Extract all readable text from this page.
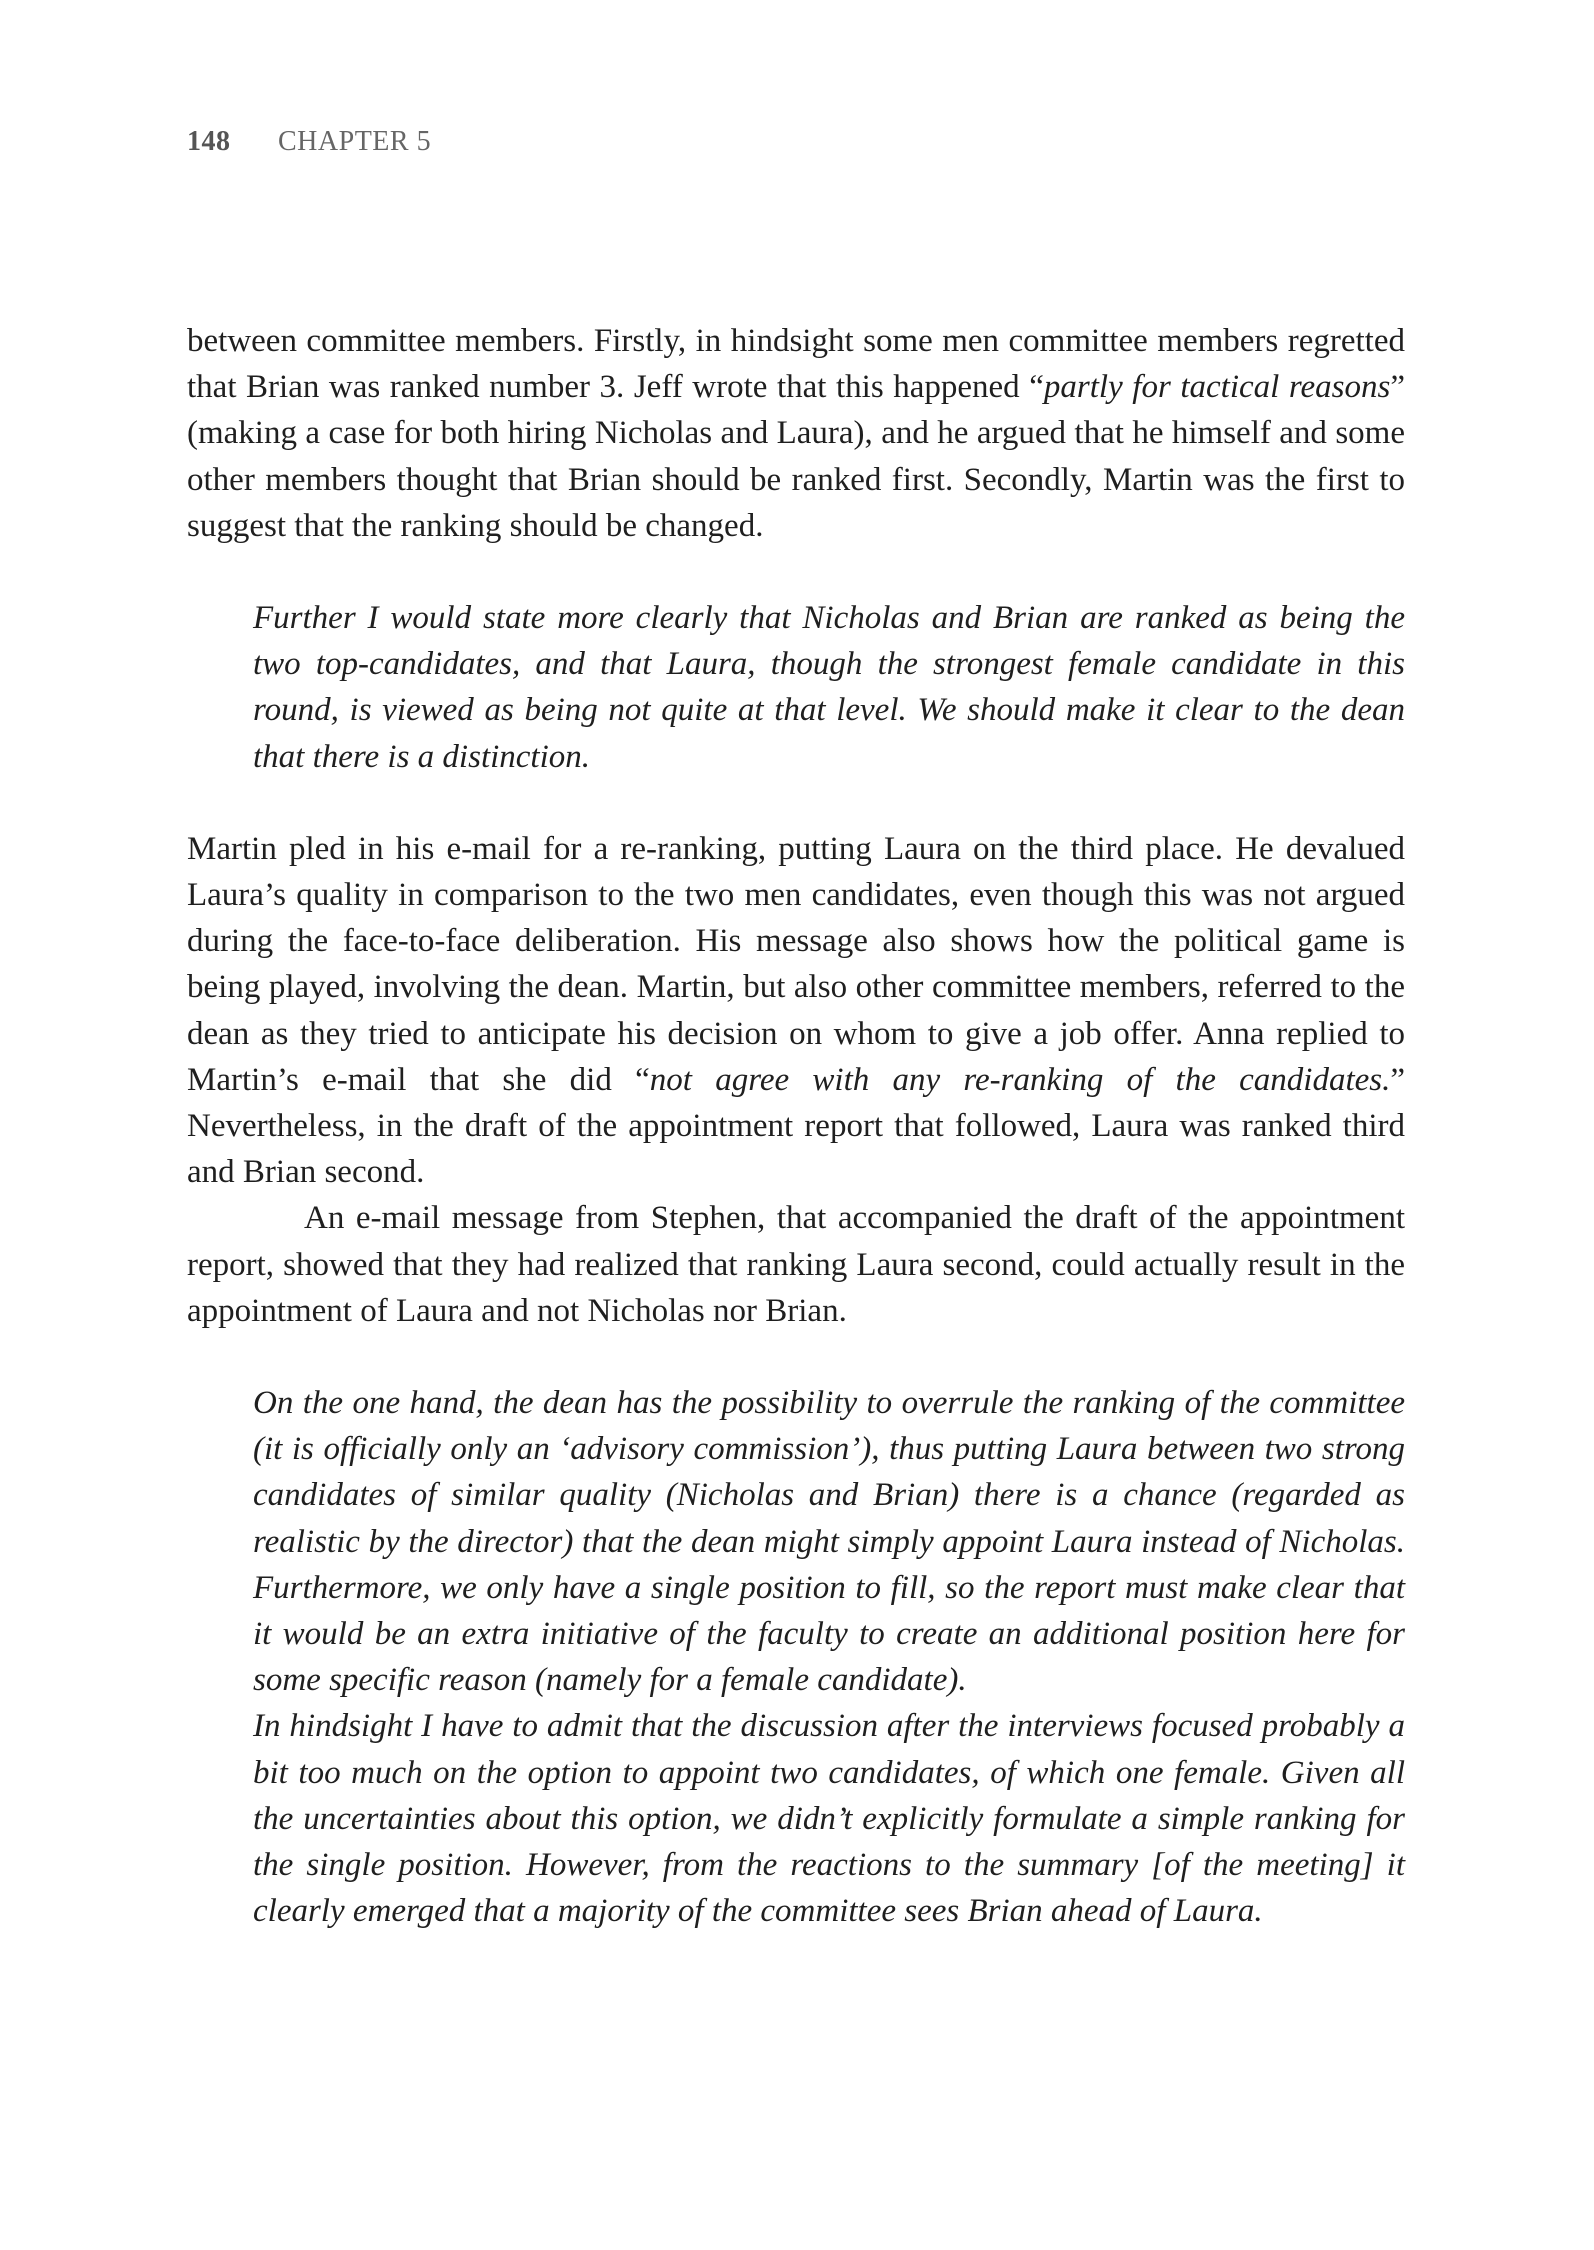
148 CHAPTER 5

between committee members. Firstly, in hindsight some men committee members regretted that Brian was ranked number 3. Jeff wrote that this happened “partly for tactical reasons” (making a case for both hiring Nicholas and Laura), and he argued that he himself and some other members thought that Brian should be ranked first. Secondly, Martin was the first to suggest that the ranking should be changed.

Further I would state more clearly that Nicholas and Brian are ranked as being the two top-candidates, and that Laura, though the strongest female candidate in this round, is viewed as being not quite at that level. We should make it clear to the dean that there is a distinction.

Martin pled in his e-mail for a re-ranking, putting Laura on the third place. He devalued Laura’s quality in comparison to the two men candidates, even though this was not argued during the face-to-face deliberation. His message also shows how the political game is being played, involving the dean. Martin, but also other committee members, referred to the dean as they tried to anticipate his decision on whom to give a job offer. Anna replied to Martin’s e-mail that she did “not agree with any re-ranking of the candidates.” Nevertheless, in the draft of the appointment report that followed, Laura was ranked third and Brian second.

An e-mail message from Stephen, that accompanied the draft of the appointment report, showed that they had realized that ranking Laura second, could actually result in the appointment of Laura and not Nicholas nor Brian.

On the one hand, the dean has the possibility to overrule the ranking of the committee (it is officially only an ‘advisory commission’), thus putting Laura between two strong candidates of similar quality (Nicholas and Brian) there is a chance (regarded as realistic by the director) that the dean might simply appoint Laura instead of Nicholas. Furthermore, we only have a single position to fill, so the report must make clear that it would be an extra initiative of the faculty to create an additional position here for some specific reason (namely for a female candidate).

In hindsight I have to admit that the discussion after the interviews focused probably a bit too much on the option to appoint two candidates, of which one female. Given all the uncertainties about this option, we didn’t explicitly formulate a simple ranking for the single position. However, from the reactions to the summary [of the meeting] it clearly emerged that a majority of the committee sees Brian ahead of Laura.
